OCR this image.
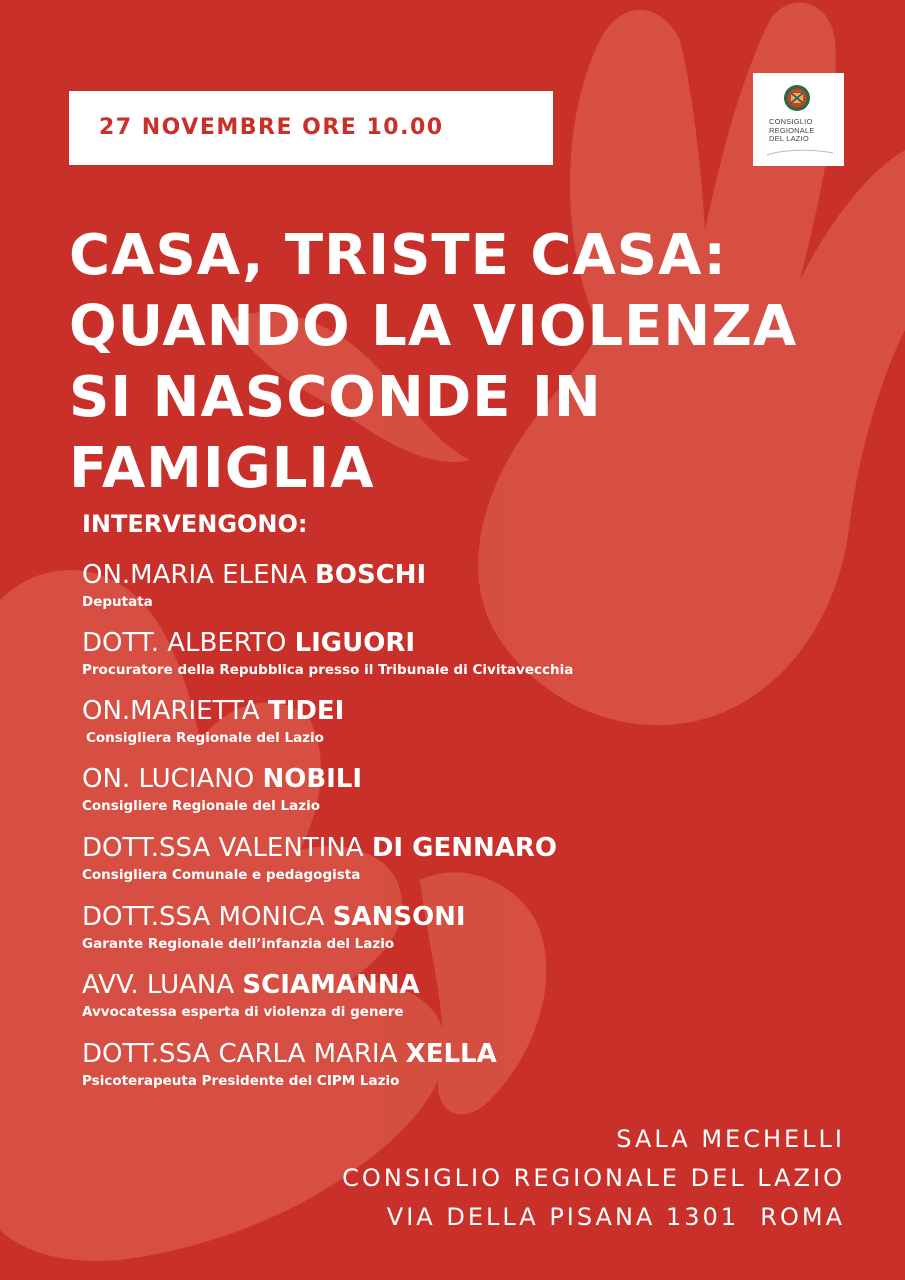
27 NOVEMBRE ORE 10.00	CONSIGLIO
REGIONALE
DEL LAZIO
CASA, TRISTE CASA:
QUANDO LA VIOLENZA
SI NASCONDE IN
FAMIGLIA
INTERVENGONO:
ON.MARIA ELENA BOSCHI
Deputata
DOTT. ALBERTO LIGUORI
Procuratore della Repubblica presso il Tribunale di Civitavecchia
ON.MARIETTA TIDEI
Consigliera Regionale del Lazio
ON. LUCIANO NOBILI
Consigliere Regionale del Lazio
DOTT.SSA VALENTINA DI GENNARO
Consigliera Comunale e pedagogista
DOTT.SSA MONICA SANSONI
Garante Regionale dell’infanzia del Lazio
AVV. LUANA SCIAMANNA
Avvocatessa esperta di violenza di genere
DOTT.SSA CARLA MARIA XELLA
Psicoterapeuta Presidente del CIPM Lazio
SALA MECHELLI
CONSIGLIO REGIONALE DEL LAZIO
VIA DELLA PISANA 1301  ROMA
